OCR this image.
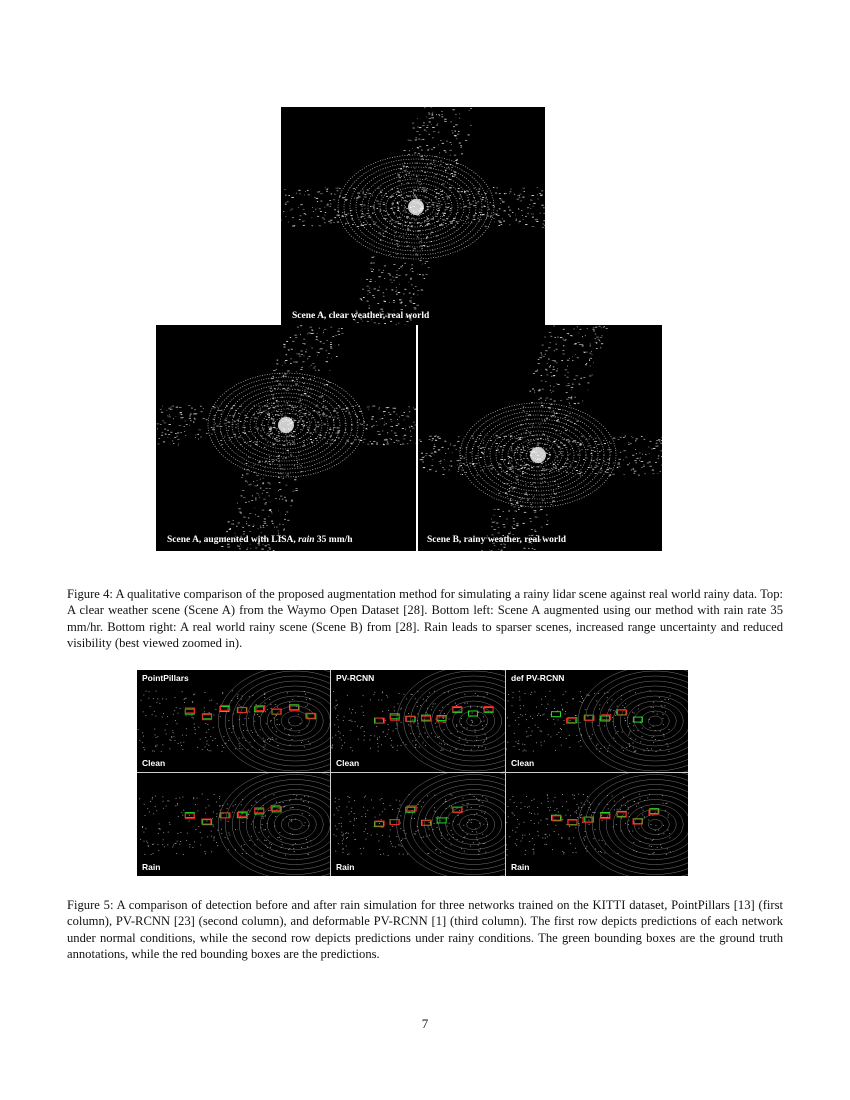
Scene A, clear weather, real world
Scene A, augmented with LISA, rain 35 mm/h	Scene B, rainy weather, real world
Figure 4: A qualitative comparison of the proposed augmentation method for simulating a rainy lidar scene against real world rainy data. Top: A clear weather scene (Scene A) from the Waymo Open Dataset [28]. Bottom left: Scene A augmented using our method with rain rate 35 mm/hr. Bottom right: A real world rainy scene (Scene B) from [28]. Rain leads to sparser scenes, increased range uncertainty and reduced visibility (best viewed zoomed in).
PointPillars
Clean
PV-RCNN
Clean
def PV-RCNN
Clean
Rain	Rain	Rain
Figure 5: A comparison of detection before and after rain simulation for three networks trained on the KITTI dataset, PointPillars [13] (first column), PV-RCNN [23] (second column), and deformable PV-RCNN [1] (third column). The first row depicts predictions of each network under normal conditions, while the second row depicts predictions under rainy conditions. The green bounding boxes are the ground truth annotations, while the red bounding boxes are the predictions.
7
